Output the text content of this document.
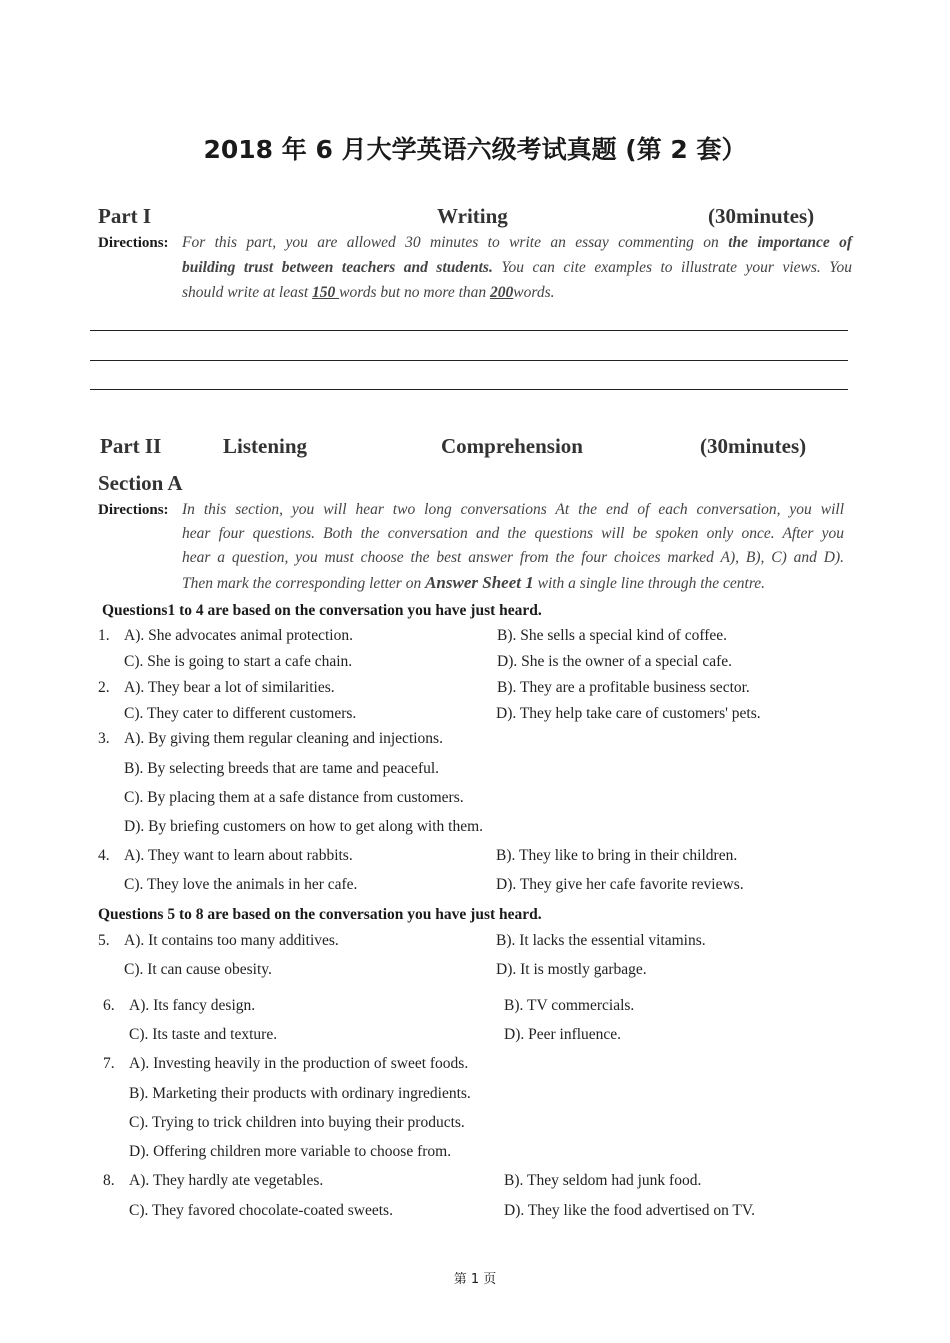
2018 年 6 月大学英语六级考试真题 (第 2 套）
Part I	Writing	(30minutes)
Directions: For this part, you are allowed 30 minutes to write an essay commenting on the importance of
building trust between teachers and students. You can cite examples to illustrate your views. You
should write at least 150 words but no more than 200words.
Part II	Listening	Comprehension	(30minutes)
Section A
Directions: In this section, you will hear two long conversations At the end of each conversation, you will
hear four questions. Both the conversation and the questions will be spoken only once. After you
hear a question, you must choose the best answer from the four choices marked A), B), C) and D).
Then mark the corresponding letter on Answer Sheet 1 with a single line through the centre.
Questions1 to 4 are based on the conversation you have just heard.
1. A). She advocates animal protection.	B). She sells a special kind of coffee.
C). She is going to start a cafe chain.	D). She is the owner of a special cafe.
2. A). They bear a lot of similarities.	B). They are a profitable business sector.
C). They cater to different customers.	D). They help take care of customers' pets.
3. A). By giving them regular cleaning and injections.
B). By selecting breeds that are tame and peaceful.
C). By placing them at a safe distance from customers.
D). By briefing customers on how to get along with them.
4. A). They want to learn about rabbits.	B). They like to bring in their children.
C). They love the animals in her cafe.	D). They give her cafe favorite reviews.
Questions 5 to 8 are based on the conversation you have just heard.
5. A). It contains too many additives.	B). It lacks the essential vitamins.
C). It can cause obesity.	D). It is mostly garbage.
6. A). Its fancy design.	B). TV commercials.
C). Its taste and texture.	D). Peer influence.
7. A). Investing heavily in the production of sweet foods.
B). Marketing their products with ordinary ingredients.
C). Trying to trick children into buying their products.
D). Offering children more variable to choose from.
8. A). They hardly ate vegetables.	B). They seldom had junk food.
C). They favored chocolate-coated sweets.	D). They like the food advertised on TV.
第 1 页
